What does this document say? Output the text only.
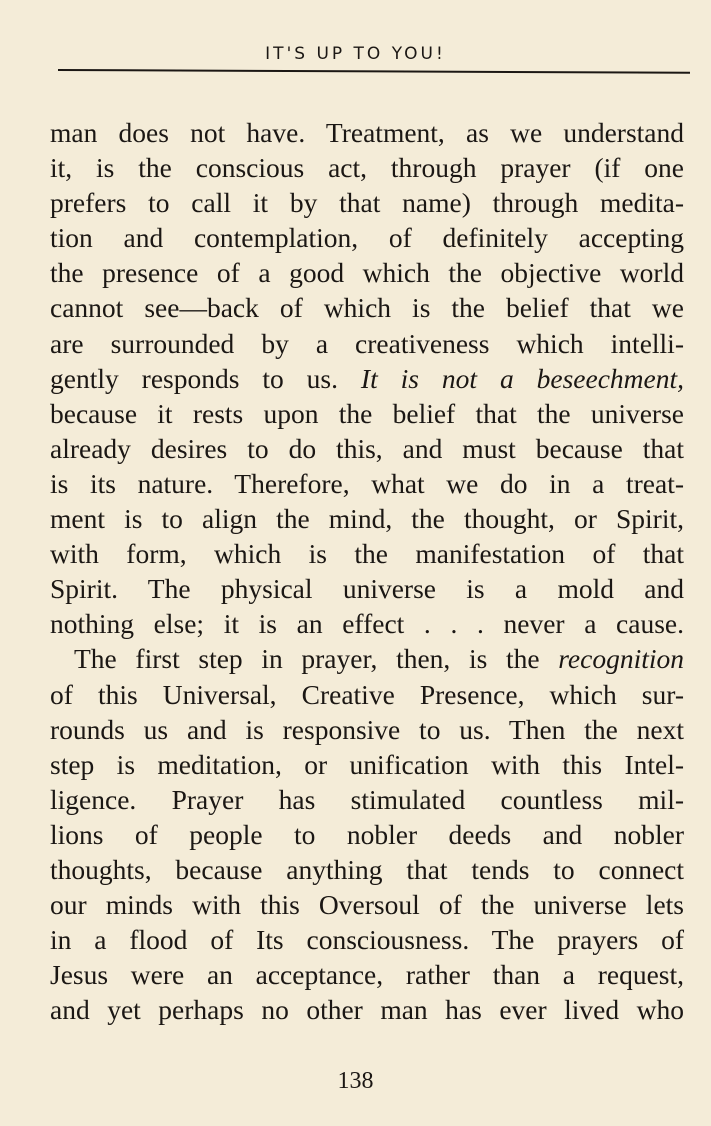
IT'S UP TO YOU!
man does not have. Treatment, as we understand
it, is the conscious act, through prayer (if one
prefers to call it by that name) through medita-
tion and contemplation, of definitely accepting
the presence of a good which the objective world
cannot see—back of which is the belief that we
are surrounded by a creativeness which intelli-
gently responds to us. It is not a beseechment,
because it rests upon the belief that the universe
already desires to do this, and must because that
is its nature. Therefore, what we do in a treat-
ment is to align the mind, the thought, or Spirit,
with form, which is the manifestation of that
Spirit. The physical universe is a mold and
nothing else; it is an effect . . . never a cause.
The first step in prayer, then, is the recognition
of this Universal, Creative Presence, which sur-
rounds us and is responsive to us. Then the next
step is meditation, or unification with this Intel-
ligence. Prayer has stimulated countless mil-
lions of people to nobler deeds and nobler
thoughts, because anything that tends to connect
our minds with this Oversoul of the universe lets
in a flood of Its consciousness. The prayers of
Jesus were an acceptance, rather than a request,
and yet perhaps no other man has ever lived who
138
